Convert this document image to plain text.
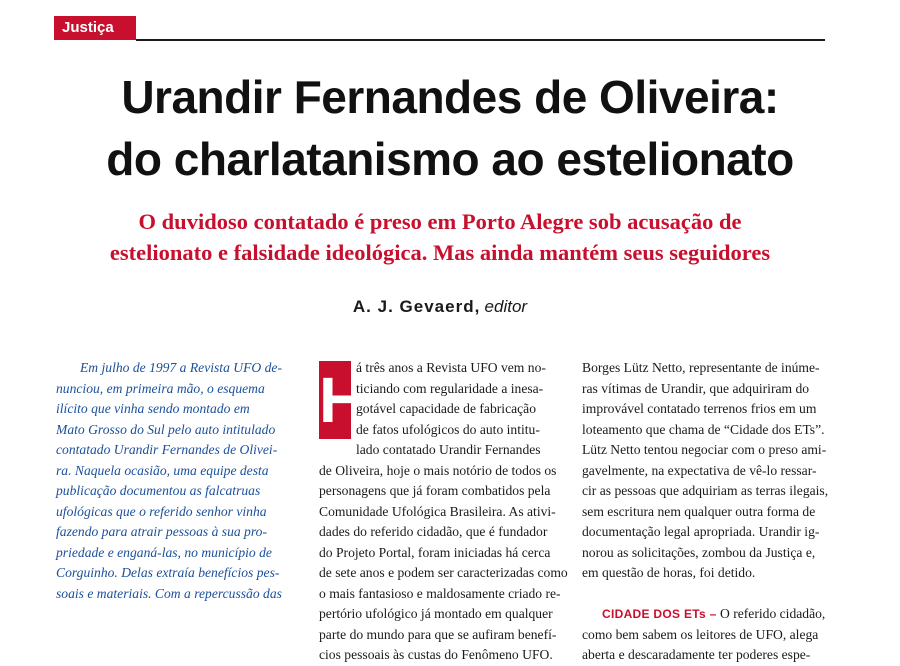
Justiça
Urandir Fernandes de Oliveira:
do charlatanismo ao estelionato
O duvidoso contatado é preso em Porto Alegre sob acusação de
estelionato e falsidade ideológica. Mas ainda mantém seus seguidores
A. J. Gevaerd, editor
Em julho de 1997 a Revista UFO de-
nunciou, em primeira mão, o esquema
ilícito que vinha sendo montado em
Mato Grosso do Sul pelo auto intitulado
contatado Urandir Fernandes de Olivei-
ra. Naquela ocasião, uma equipe desta
publicação documentou as falcatruas
ufológicas que o referido senhor vinha
fazendo para atrair pessoas à sua pro-
priedade e enganá-las, no município de
Corguinho. Delas extraía benefícios pes-
soais e materiais. Com a repercussão das
H
á três anos a Revista UFO vem no-
ticiando com regularidade a inesa-
gotável capacidade de fabricação
de fatos ufológicos do auto intitu-
lado contatado Urandir Fernandes
de Oliveira, hoje o mais notório de todos os
personagens que já foram combatidos pela
Comunidade Ufológica Brasileira. As ativi-
dades do referido cidadão, que é fundador
do Projeto Portal, foram iniciadas há cerca
de sete anos e podem ser caracterizadas como
o mais fantasioso e maldosamente criado re-
pertório ufológico já montado em qualquer
parte do mundo para que se aufiram benefí-
cios pessoais às custas do Fenômeno UFO.
Borges Lütz Netto, representante de inúme-
ras vítimas de Urandir, que adquiriram do
improvável contatado terrenos frios em um
loteamento que chama de “Cidade dos ETs”.
Lütz Netto tentou negociar com o preso ami-
gavelmente, na expectativa de vê-lo ressar-
cir as pessoas que adquiriam as terras ilegais,
sem escritura nem qualquer outra forma de
documentação legal apropriada. Urandir ig-
norou as solicitações, zombou da Justiça e,
em questão de horas, foi detido.
CIDADE DOS ETs – O referido cidadão,
como bem sabem os leitores de UFO, alega
aberta e descaradamente ter poderes espe-
